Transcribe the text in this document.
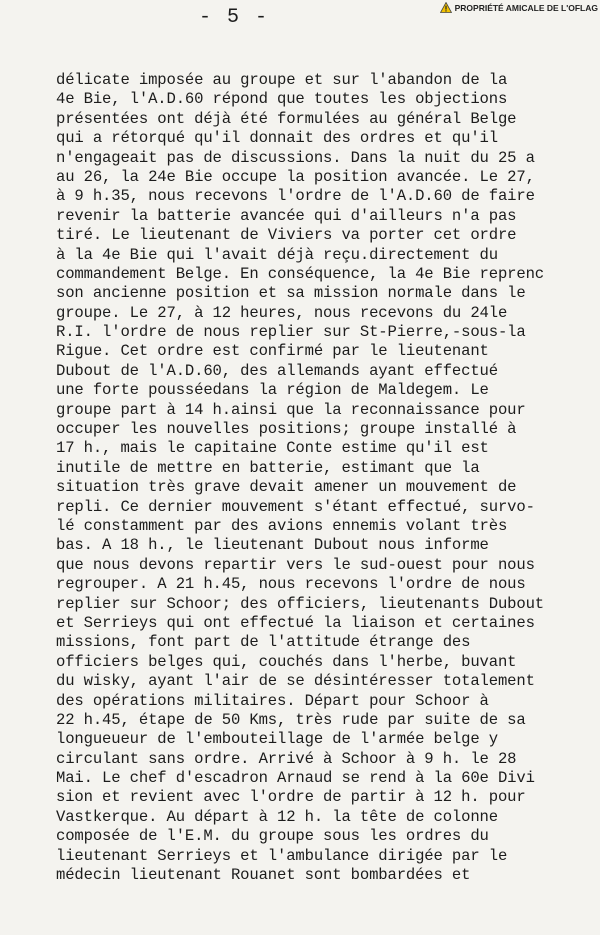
PROPRIÉTÉ AMICALE DE L'OFLAG
- 5 -
délicate imposée au groupe et sur l'abandon de la
4e Bie, l'A.D.60 répond que toutes les objections
présentées ont déjà été formulées au général Belge
qui a rétorqué qu'il donnait des ordres et qu'il
n'engageait pas de discussions. Dans la nuit du 25 a
au 26, la 24e Bie occupe la position avancée. Le 27,
à 9 h.35, nous recevons l'ordre de l'A.D.60 de faire
revenir la batterie avancée qui d'ailleurs n'a pas
tiré. Le lieutenant de Viviers va porter cet ordre
à la 4e Bie qui l'avait déjà reçu.directement du
commandement Belge. En conséquence, la 4e Bie reprenc
son ancienne position et sa mission normale dans le
groupe. Le 27, à 12 heures, nous recevons du 24le
R.I. l'ordre de nous replier sur St-Pierre,-sous-la
Rigue. Cet ordre est confirmé par le lieutenant
Dubout de l'A.D.60, des allemands ayant effectué
une forte pousséedans la région de Maldegem. Le
groupe part à 14 h.ainsi que la reconnaissance pour
occuper les nouvelles positions; groupe installé à
17 h., mais le capitaine Conte estime qu'il est
inutile de mettre en batterie, estimant que la
situation très grave devait amener un mouvement de
repli. Ce dernier mouvement s'étant effectué, survo-
lé constamment par des avions ennemis volant très
bas. A 18 h., le lieutenant Dubout nous informe
que nous devons repartir vers le sud-ouest pour nous
regrouper. A 21 h.45, nous recevons l'ordre de nous
replier sur Schoor; des officiers, lieutenants Dubout
et Serrieys qui ont effectué la liaison et certaines
missions, font part de l'attitude étrange des
officiers belges qui, couchés dans l'herbe, buvant
du wisky, ayant l'air de se désintéresser totalement
des opérations militaires. Départ pour Schoor à
22 h.45, étape de 50 Kms, très rude par suite de sa
longueueur de l'embouteillage de l'armée belge y
circulant sans ordre. Arrivé à Schoor à 9 h. le 28
Mai. Le chef d'escadron Arnaud se rend à la 60e Divi
sion et revient avec l'ordre de partir à 12 h. pour
Vastkerque. Au départ à 12 h. la tête de colonne
composée de l'E.M. du groupe sous les ordres du
lieutenant Serrieys et l'ambulance dirigée par le
médecin lieutenant Rouanet sont bombardées et
